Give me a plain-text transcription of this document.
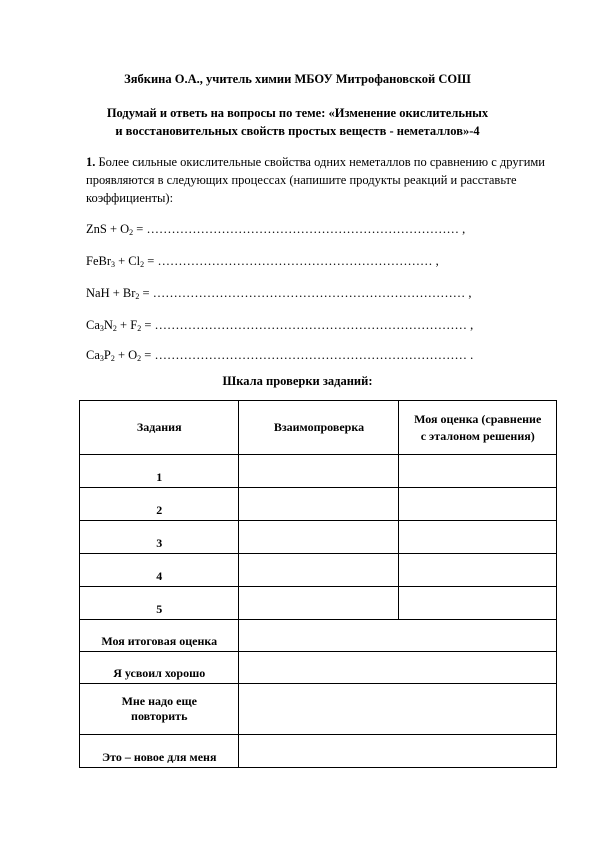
Зябкина О.А., учитель химии МБОУ Митрофановской СОШ
Подумай и ответь на вопросы по теме: «Изменение окислительных
и восстановительных свойств простых веществ - неметаллов»-4
1. Более сильные окислительные свойства одних неметаллов по сравнению с другими проявляются в следующих процессах (напишите продукты реакций и расставьте коэффициенты):
ZnS + $O_2$ = ………………………………………………………………… ,
FeBr$_3$ + $Cl_2$ = ………………………………………………………… ,
NaH + $Br_2$ = ………………………………………………………………… ,
$Ca_3N_2 + F_2$ = ………………………………………………………………… ,
$Ca_3P_2 + O_2$ = ………………………………………………………………… .
Шкала проверки заданий:
Задания	Взаимопроверка	Моя оценка (сравнение
с эталоном решения)
1		
2		
3		
4		
5		
Моя итоговая оценка		
Я усвоил хорошо		

Мне надо еще
повторить		

Это – новое для меня		
